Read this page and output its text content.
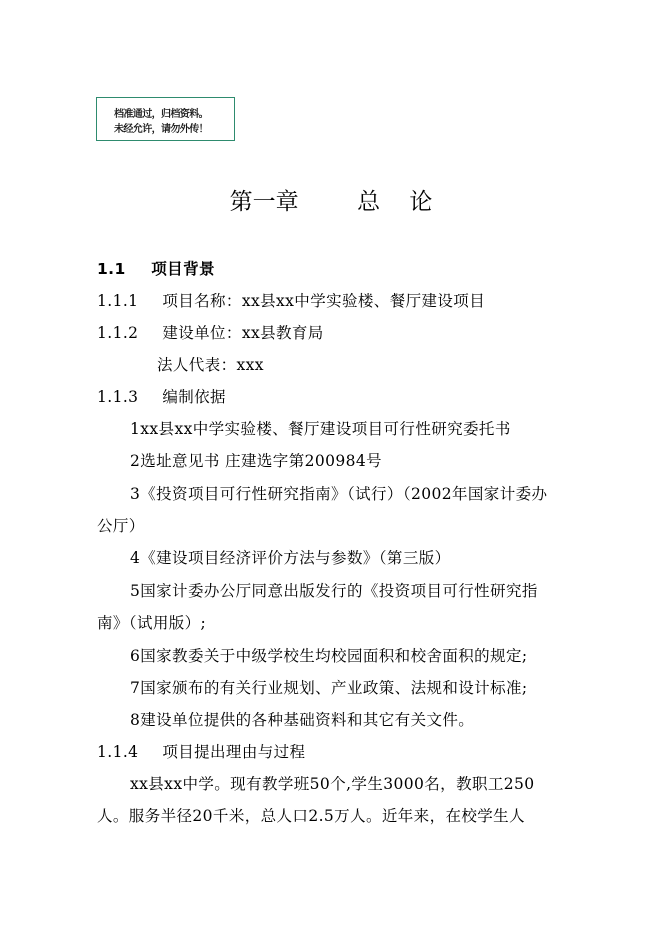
档准通过，归档资料。
未经允许，请勿外传！
第一章        总    论
1.1 项目背景
1.1.1 项目名称：xx县xx中学实验楼、餐厅建设项目
1.1.2 建设单位：xx县教育局
法人代表：xxx
1.1.3 编制依据
1xx县xx中学实验楼、餐厅建设项目可行性研究委托书
2选址意见书 庄建选字第200984号
3《投资项目可行性研究指南》（试行）（2002年国家计委办
公厅）
4《建设项目经济评价方法与参数》（第三版）
5国家计委办公厅同意出版发行的《投资项目可行性研究指
南》（试用版）;
6国家教委关于中级学校生均校园面积和校舍面积的规定;
7国家颁布的有关行业规划、产业政策、法规和设计标准;
8建设单位提供的各种基础资料和其它有关文件。
1.1.4 项目提出理由与过程
xx县xx中学。现有教学班50个,学生3000名，教职工250
人。服务半径20千米，总人口2.5万人。近年来，在校学生人
